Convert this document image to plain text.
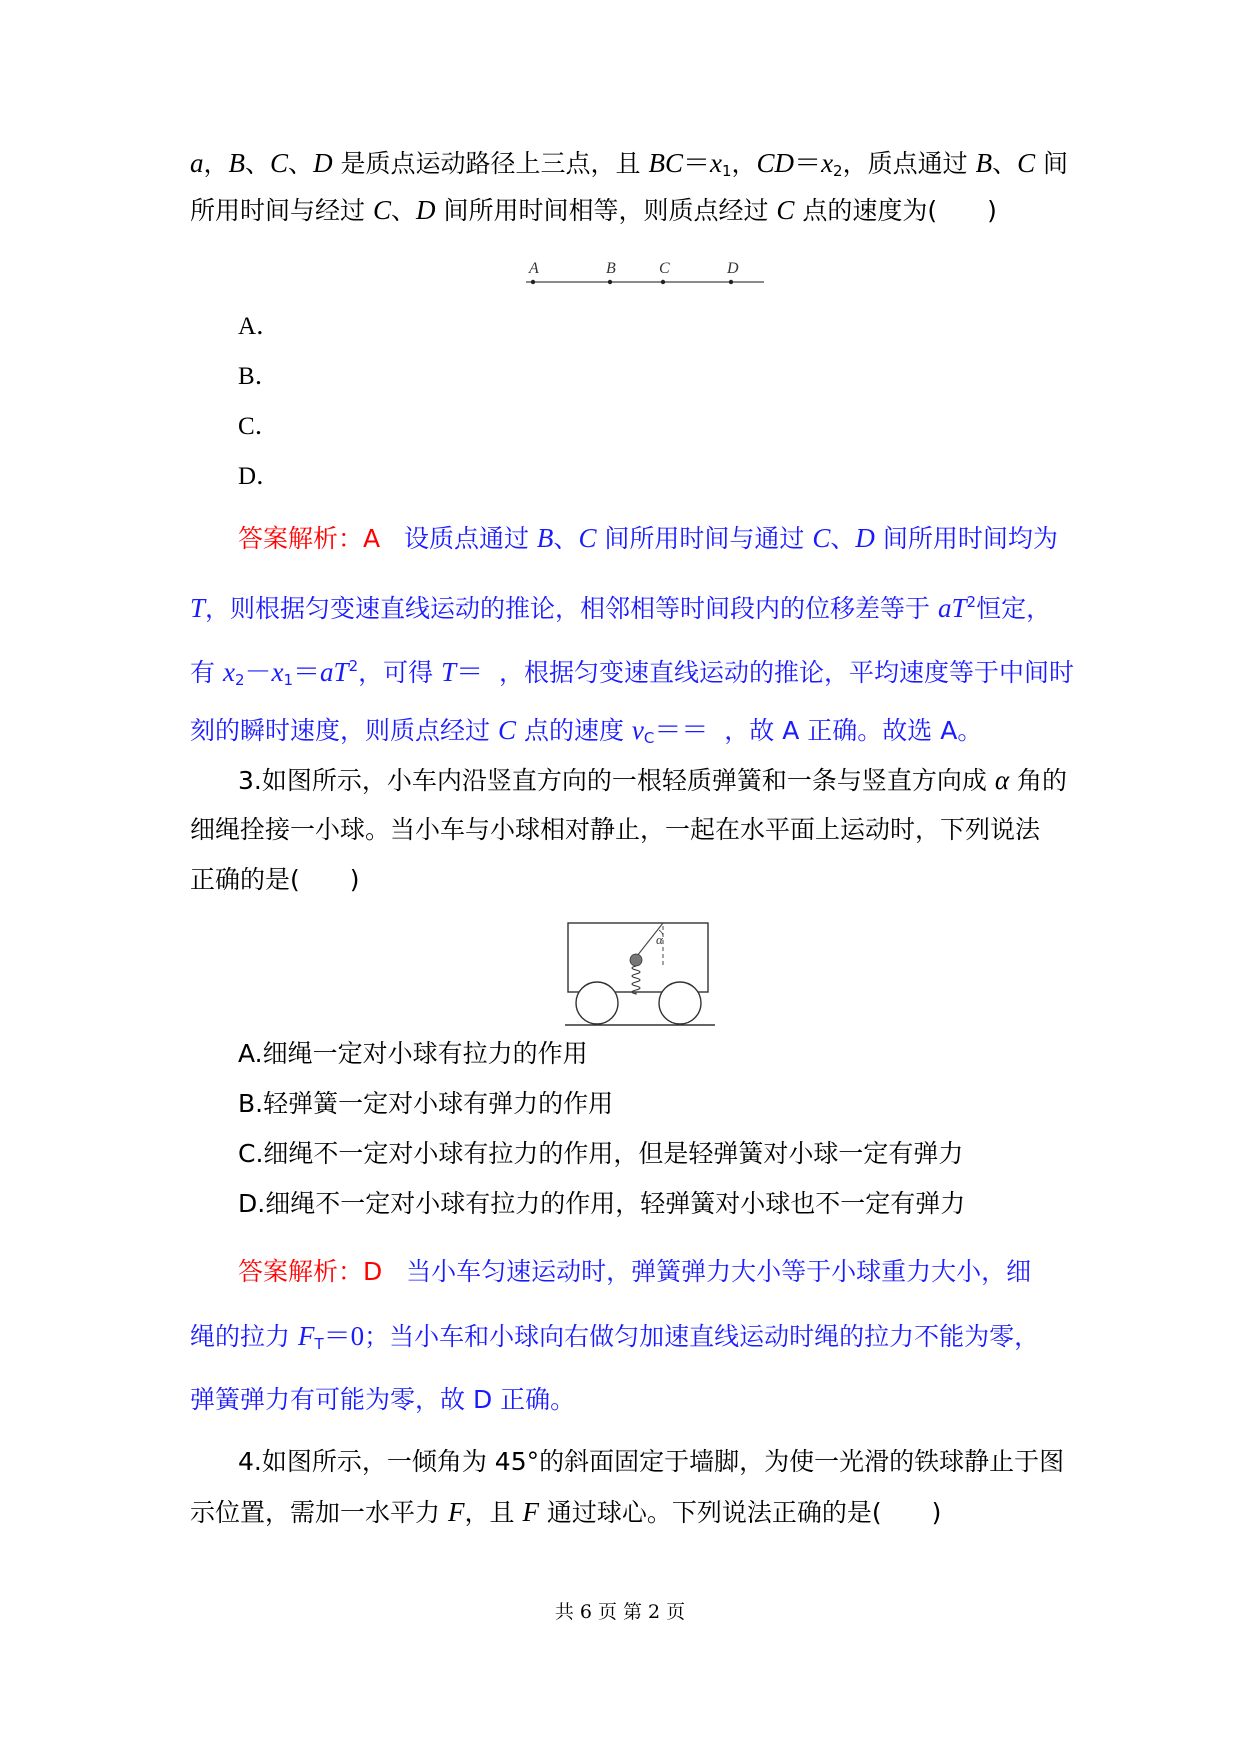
a，B、C、D 是质点运动路径上三点，且 $BC=x_1$，$CD=x_2$，质点通过 B、C 间
所用时间与经过 C、D 间所用时间相等，则质点经过 C 点的速度为(　　)
A	B	C	D
A．
B．
C．
D．
答案解析：A 设质点通过 B、C 间所用时间与通过 C、D 间所用时间均为
T，则根据匀变速直线运动的推论，相邻相等时间段内的位移差等于 $aT^2$恒定，
有 $x_2-x_1=aT^2$，可得 T＝ ，根据匀变速直线运动的推论，平均速度等于中间时
刻的瞬时速度，则质点经过 C 点的速度 $v_C==$ ，故 A 正确。故选 A。
3.如图所示，小车内沿竖直方向的一根轻质弹簧和一条与竖直方向成 α 角的
细绳拴接一小球。当小车与小球相对静止，一起在水平面上运动时，下列说法
正确的是(　　)
α
A.细绳一定对小球有拉力的作用
B.轻弹簧一定对小球有弹力的作用
C.细绳不一定对小球有拉力的作用，但是轻弹簧对小球一定有弹力
D.细绳不一定对小球有拉力的作用，轻弹簧对小球也不一定有弹力
答案解析：D 当小车匀速运动时，弹簧弹力大小等于小球重力大小，细
绳的拉力 $F_T=0$；当小车和小球向右做匀加速直线运动时绳的拉力不能为零，
弹簧弹力有可能为零，故 D 正确。
4.如图所示，一倾角为 45°的斜面固定于墙脚，为使一光滑的铁球静止于图
示位置，需加一水平力 F，且 F 通过球心。下列说法正确的是(　　)
共 6 页 第 2 页
